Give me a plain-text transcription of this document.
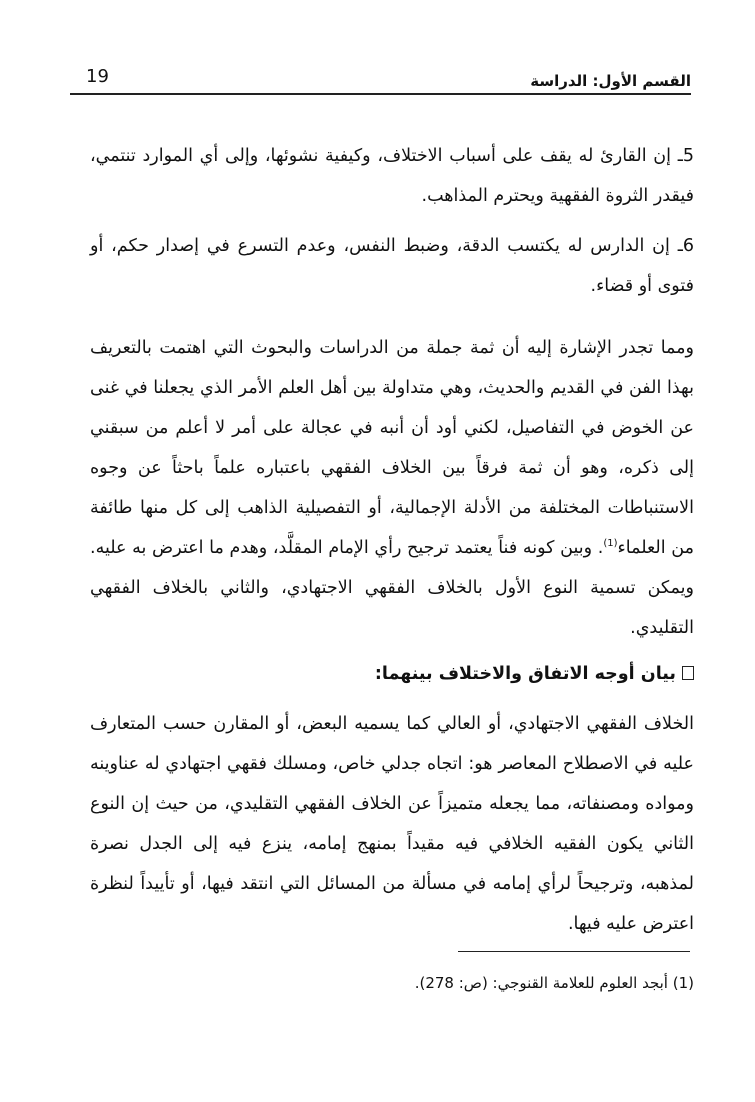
القسم الأول: الدراسة
19

5ـ إن القارئ له يقف على أسباب الاختلاف، وكيفية نشوئها، وإلى أي الموارد تنتمي، فيقدر الثروة الفقهية ويحترم المذاهب.

6ـ إن الدارس له يكتسب الدقة، وضبط النفس، وعدم التسرع في إصدار حكم، أو فتوى أو قضاء.

ومما تجدر الإشارة إليه أن ثمة جملة من الدراسات والبحوث التي اهتمت بالتعريف بهذا الفن في القديم والحديث، وهي متداولة بين أهل العلم الأمر الذي يجعلنا في غنى عن الخوض في التفاصيل، لكني أود أن أنبه في عجالة على أمر لا أعلم من سبقني إلى ذكره، وهو أن ثمة فرقاً بين الخلاف الفقهي باعتباره علماً باحثاً عن وجوه الاستنباطات المختلفة من الأدلة الإجمالية، أو التفصيلية الذاهب إلى كل منها طائفة من العلماء$^{(1)}$. وبين كونه فناً يعتمد ترجيح رأي الإمام المقلَّد، وهدم ما اعترض به عليه. ويمكن تسمية النوع الأول بالخلاف الفقهي الاجتهادي، والثاني بالخلاف الفقهي التقليدي.

بيان أوجه الاتفاق والاختلاف بينهما:

الخلاف الفقهي الاجتهادي، أو العالي كما يسميه البعض، أو المقارن حسب المتعارف عليه في الاصطلاح المعاصر هو: اتجاه جدلي خاص، ومسلك فقهي اجتهادي له عناوينه ومواده ومصنفاته، مما يجعله متميزاً عن الخلاف الفقهي التقليدي، من حيث إن النوع الثاني يكون الفقيه الخلافي فيه مقيداً بمنهج إمامه، ينزع فيه إلى الجدل نصرة لمذهبه، وترجيحاً لرأي إمامه في مسألة من المسائل التي انتقد فيها، أو تأييداً لنظرة اعترض عليه فيها.

(1) أبجد العلوم للعلامة القنوجي: (ص: 278).
